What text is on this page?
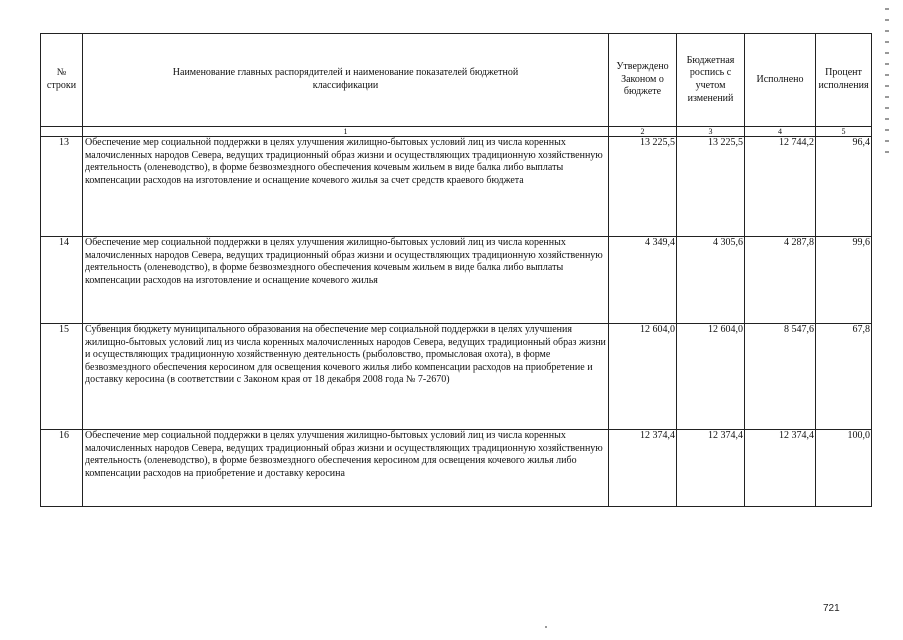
№ строки	Наименование главных распорядителей и наименование показателей бюджетной классификации	Утверждено Законом о бюджете	Бюджетная роспись с учетом изменений	Исполнено	Процент исполнения
	1	2	3	4	5
13	Обеспечение мер социальной поддержки в целях улучшения жилищно-бытовых условий лиц из числа коренных малочисленных народов Севера, ведущих традиционный образ жизни и осуществляющих традиционную хозяйственную деятельность (оленеводство), в форме безвозмездного обеспечения кочевым жильем в виде балка либо выплаты компенсации расходов на изготовление и оснащение кочевого жилья за счет средств краевого бюджета	13 225,5	13 225,5	12 744,2	96,4
14	Обеспечение мер социальной поддержки в целях улучшения жилищно-бытовых условий лиц из числа коренных малочисленных народов Севера, ведущих традиционный образ жизни и осуществляющих традиционную хозяйственную деятельность (оленеводство), в форме безвозмездного обеспечения кочевым жильем в виде балка либо выплаты компенсации расходов на изготовление и оснащение кочевого жилья	4 349,4	4 305,6	4 287,8	99,6
15	Субвенция бюджету муниципального образования на обеспечение мер социальной поддержки в целях улучшения жилищно-бытовых условий лиц из числа коренных малочисленных народов Севера, ведущих традиционный образ жизни и осуществляющих традиционную хозяйственную деятельность (рыболовство, промысловая охота), в форме безвозмездного обеспечения керосином для освещения кочевого жилья либо компенсации расходов на приобретение и доставку керосина (в соответствии с Законом края от 18 декабря 2008 года № 7-2670)	12 604,0	12 604,0	8 547,6	67,8
16	Обеспечение мер социальной поддержки в целях улучшения жилищно-бытовых условий лиц из числа коренных малочисленных народов Севера, ведущих традиционный образ жизни и осуществляющих традиционную хозяйственную деятельность (оленеводство), в форме безвозмездного обеспечения керосином для освещения кочевого жилья либо компенсации расходов на приобретение и доставку керосина	12 374,4	12 374,4	12 374,4	100,0
721
